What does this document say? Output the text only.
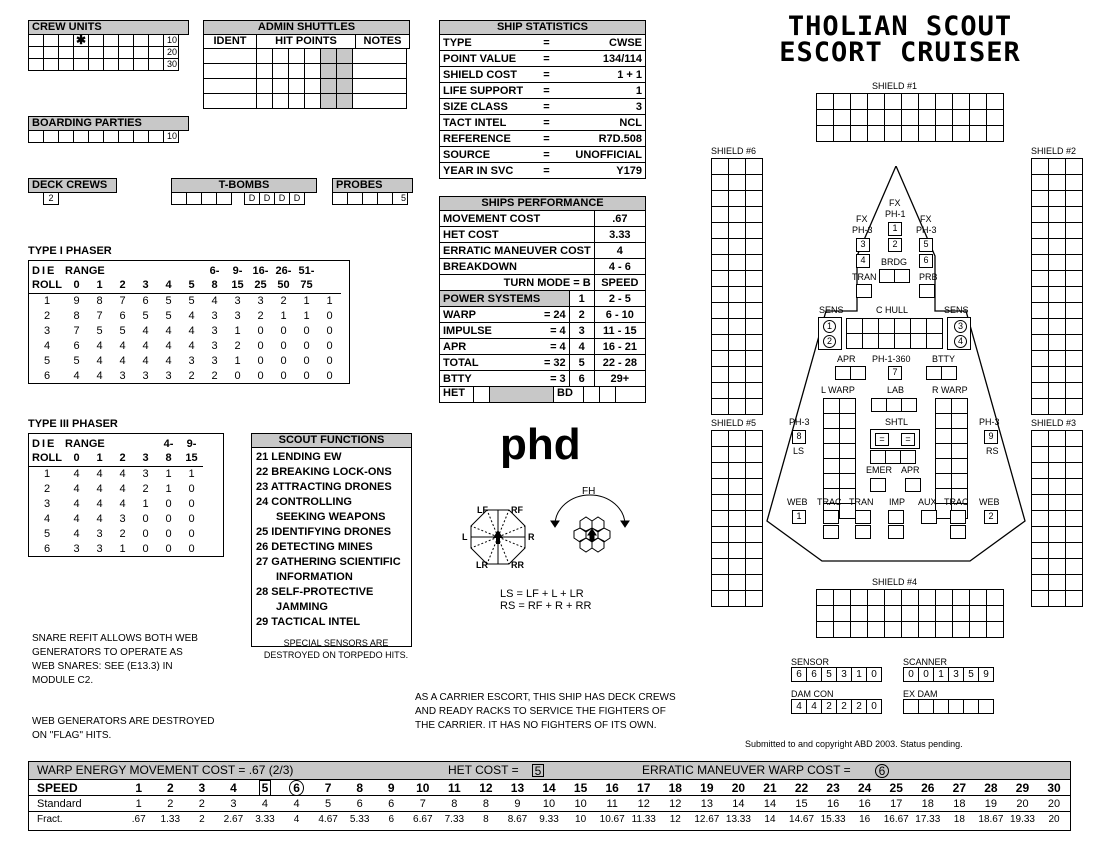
CREW UNITS
✱	10
20
30
ADMIN SHUTTLES
IDENT	HIT POINTS	NOTES
SHIP STATISTICS
TYPE	=	CWSE
POINT VALUE	=	134/114
SHIELD COST	=	1 + 1
LIFE SUPPORT	=	1
SIZE CLASS	=	3
TACT INTEL	=	NCL
REFERENCE	=	R7D.508
SOURCE	=	UNOFFICIAL
YEAR IN SVC	=	Y179
THOLIAN SCOUT
ESCORT CRUISER
BOARDING PARTIES
10
DECK CREWS
2
T-BOMBS
D D D D
PROBES
5	SHIPS PERFORMANCE
MOVEMENT COST			.67
HET COST			3.33
ERRATIC MANEUVER COST			4
BREAKDOWN			4 - 6
TURN MODE = B			SPEED
POWER SYSTEMS		1	2 - 5
WARP	= 24	2	6 - 10
IMPULSE	= 4	3	11 - 15
APR	= 4	4	16 - 21
TOTAL	= 32	5	22 - 28
BTTY	= 3	6	29+

HET BD			
TYPE I PHASER
DIE	RANGE						6-	9-	16-	26-	51-	
ROLL	0	1	2	3	4	5	8	15	25	50	75	
1	9	8	7	6	5	5	4	3	3	2	1	1
2	8	7	6	5	5	4	3	3	2	1	1	0
3	7	5	5	4	4	4	3	1	0	0	0	0
4	6	4	4	4	4	4	3	2	0	0	0	0
5	5	4	4	4	4	3	3	1	0	0	0	0
6	4	4	3	3	3	2	2	0	0	0	0	0
TYPE III PHASER
DIE	RANGE				4-	9-
ROLL	0	1	2	3	8	15
1	4	4	4	3	1	1
2	4	4	4	2	1	0
3	4	4	4	1	0	0
4	4	4	3	0	0	0
5	4	3	2	0	0	0
6	3	3	1	0	0	0
SCOUT FUNCTIONS
21 LENDING EW
22 BREAKING LOCK-ONS
23 ATTRACTING DRONES
24 CONTROLLING
SEEKING WEAPONS
25 IDENTIFYING DRONES
26 DETECTING MINES
27 GATHERING SCIENTIFIC
INFORMATION
28 SELF-PROTECTIVE
JAMMING
29 TACTICAL INTEL
SPECIAL SENSORS ARE
DESTROYED ON TORPEDO HITS.
phd
LF	RF
L	R
LR	RR
FH
LS = LF + L + LR
RS = RF + R + RR
SNARE REFIT ALLOWS BOTH WEB
GENERATORS TO OPERATE AS
WEB SNARES: SEE (E13.3) IN
MODULE C2.
WEB GENERATORS ARE DESTROYED
ON "FLAG" HITS.
AS A CARRIER ESCORT, THIS SHIP HAS DECK CREWS
AND READY RACKS TO SERVICE THE FIGHTERS OF
THE CARRIER. IT HAS NO FIGHTERS OF ITS OWN.
Submitted to and copyright ABD 2003. Status pending.
SHIELD #1
SHIELD #6	SHIELD #2
SHIELD #5	SHIELD #3
SHIELD #4
FX
PH-1
FX
PH-3
FX
PH-3
1
2
3
4
5
6
BRDG
TRAN	PRB
C HULL
SENS
1
2
SENS
3
4
APR PH-1-360
7
BTTY
L WARP	R WARP
LAB
SHTL
=	=
PH-3
8
LS
PH-3
9
RS
EMER APR
WEB
1
TRAC TRAN IMP AUX TRAC WEB
2
SENSOR
6 6 5 3 1 0
SCANNER
0 0 1 3 5 9
DAM CON
4 4 2 2 2 0
EX DAM
WARP ENERGY MOVEMENT COST = .67 (2/3)	HET COST = 5	ERRATIC MANEUVER WARP COST =	6
SPEED	1	2	3	4	5	6	7	8	9	10	11	12	13	14	15	16	17	18	19	20	21	22	23	24	25	26	27	28	29	30
Standard	1	2	2	3	4	4	5	6	6	7	8	8	9	10	10	11	12	12	13	14	14	15	16	16	17	18	18	19	20	20
Fract.	.67	1.33	2	2.67	3.33	4	4.67	5.33	6	6.67	7.33	8	8.67	9.33	10	10.67 11.33	12	12.67 13.33	14	14.67 15.33	16	16.67 17.33	18	18.67 19.33	20
